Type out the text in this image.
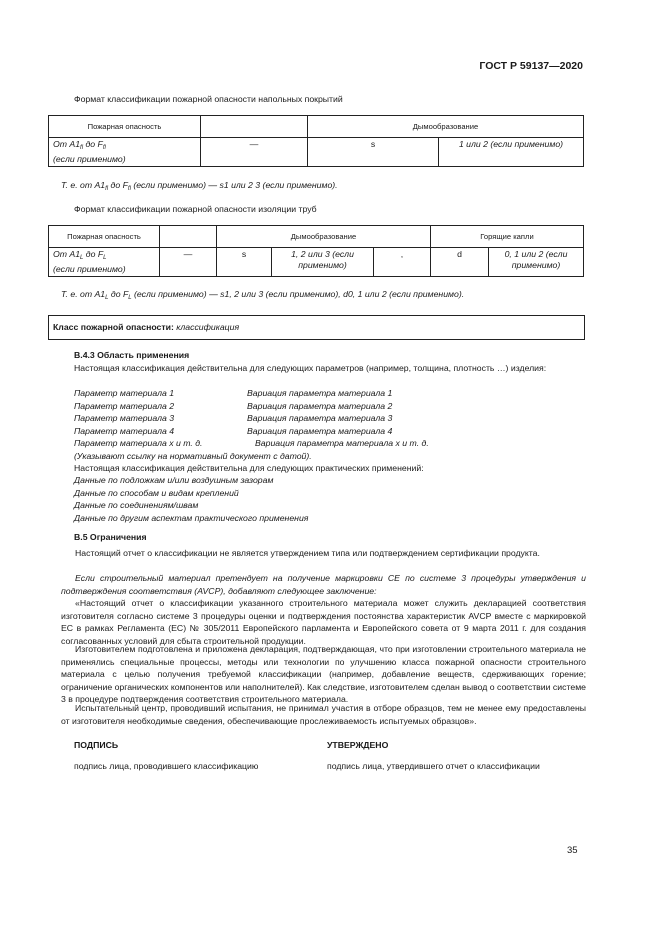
ГОСТ Р 59137—2020
Формат классификации пожарной опасности напольных покрытий
Пожарная опасность		Дымообразование	
От $A1_{fl}$ до $F_{fl}$
(если применимо)	—	s	1 или 2 (если применимо)
Т. е. от $A1_{fl}$ до $F_{fl}$ (если применимо) — s1 или 2 3 (если применимо).
Формат классификации пожарной опасности изоляции труб
Пожарная опасность		Дымообразование			Горящие капли	
От $A1_L$ до $F_L$
(если применимо)	—	s	1, 2 или 3 (если применимо)	,	d	0, 1 или 2 (если применимо)
Т. е. от $A1_L$ до $F_L$ (если применимо) — s1, 2 или 3 (если применимо), d0, 1 или 2 (если применимо).
Класс пожарной опасности: классификация
В.4.3 Область применения
Настоящая классификация действительна для следующих параметров (например, толщина, плотность …) изделия:
Параметр материала 1	Вариация параметра материала 1
Параметр материала 2	Вариация параметра материала 2
Параметр материала 3	Вариация параметра материала 3
Параметр материала 4	Вариация параметра материала 4
Параметр материала х и т. д.	Вариация параметра материала х и т. д.
(Указывают ссылку на нормативный документ с датой).
Настоящая классификация действительна для следующих практических применений:
Данные по подложкам и/или воздушным зазорам
Данные по способам и видам креплений
Данные по соединениям/швам
Данные по другим аспектам практического применения
В.5 Ограничения
Настоящий отчет о классификации не является утверждением типа или подтверждением сертификации продукта.
Если строительный материал претендует на получение маркировки СЕ по системе 3 процедуры утверждения и подтверждения соответствия (AVCP), добавляют следующее заключение:
«Настоящий отчет о классификации указанного строительного материала может служить декларацией соответствия изготовителя согласно системе 3 процедуры оценки и подтверждения постоянства характеристик AVCP вместе с маркировкой ЕС в рамках Регламента (ЕС) № 305/2011 Европейского парламента и Европейского совета от 9 марта 2011 г. для создания согласованных условий для сбыта строительной продукции.
Изготовителем подготовлена и приложена декларация, подтверждающая, что при изготовлении строительного материала не применялись специальные процессы, методы или технологии по улучшению класса пожарной опасности строительного материала с целью получения требуемой классификации (например, добавление веществ, сдерживающих горение; ограничение органических компонентов или наполнителей). Как следствие, изготовителем сделан вывод о соответствии системе 3 в процедуре подтверждения соответствия строительного материала.
Испытательный центр, проводивший испытания, не принимал участия в отборе образцов, тем не менее ему предоставлены от изготовителя необходимые сведения, обеспечивающие прослеживаемость испытуемых образцов».
ПОДПИСЬ
подпись лица, проводившего классификацию
УТВЕРЖДЕНО
подпись лица, утвердившего отчет о классификации
35
